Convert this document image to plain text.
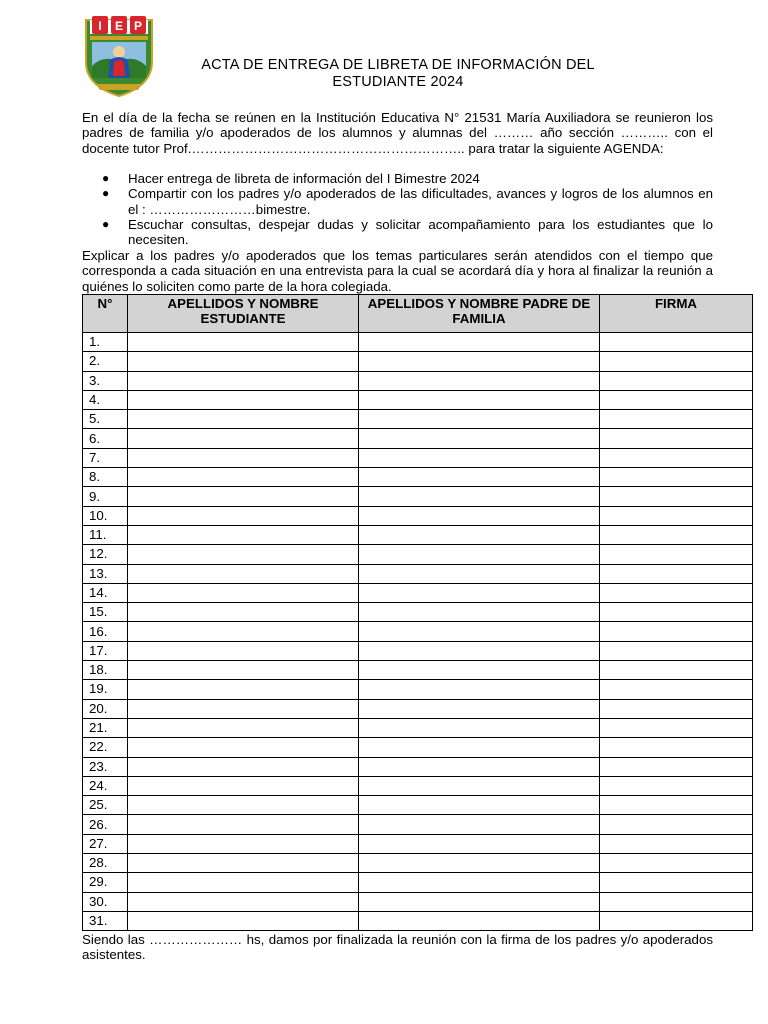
I E P
ACTA DE ENTREGA DE LIBRETA DE INFORMACIÓN DEL
ESTUDIANTE 2024
En el día de la fecha se reúnen en la Institución Educativa N° 21531 María Auxiliadora se reunieron los padres de familia y/o apoderados de los alumnos y alumnas del ……… año sección ……….. con el docente tutor Prof.…………………………………………………….. para tratar la siguiente AGENDA:
● Hacer entrega de libreta de información del I Bimestre 2024
● Compartir con los padres y/o apoderados de las dificultades, avances y logros de los alumnos en el : ……………………bimestre.
● Escuchar consultas, despejar dudas y solicitar acompañamiento para los estudiantes que lo necesiten.
Explicar a los padres y/o apoderados que los temas particulares serán atendidos con el tiempo que corresponda a cada situación en una entrevista para la cual se acordará día y hora al finalizar la reunión a quiénes lo soliciten como parte de la hora colegiada.
N°	APELLIDOS Y NOMBRE ESTUDIANTE	APELLIDOS Y NOMBRE PADRE DE FAMILIA	FIRMA
1.			
2.			
3.			
4.			
5.			
6.			
7.			
8.			
9.			
10.			
11.			
12.			
13.			
14.			
15.			
16.			
17.			
18.			
19.			
20.			
21.			
22.			
23.			
24.			
25.			
26.			
27.			
28.			
29.			
30.			
31.			
Siendo las ………………… hs, damos por finalizada la reunión con la firma de los padres y/o apoderados asistentes.
